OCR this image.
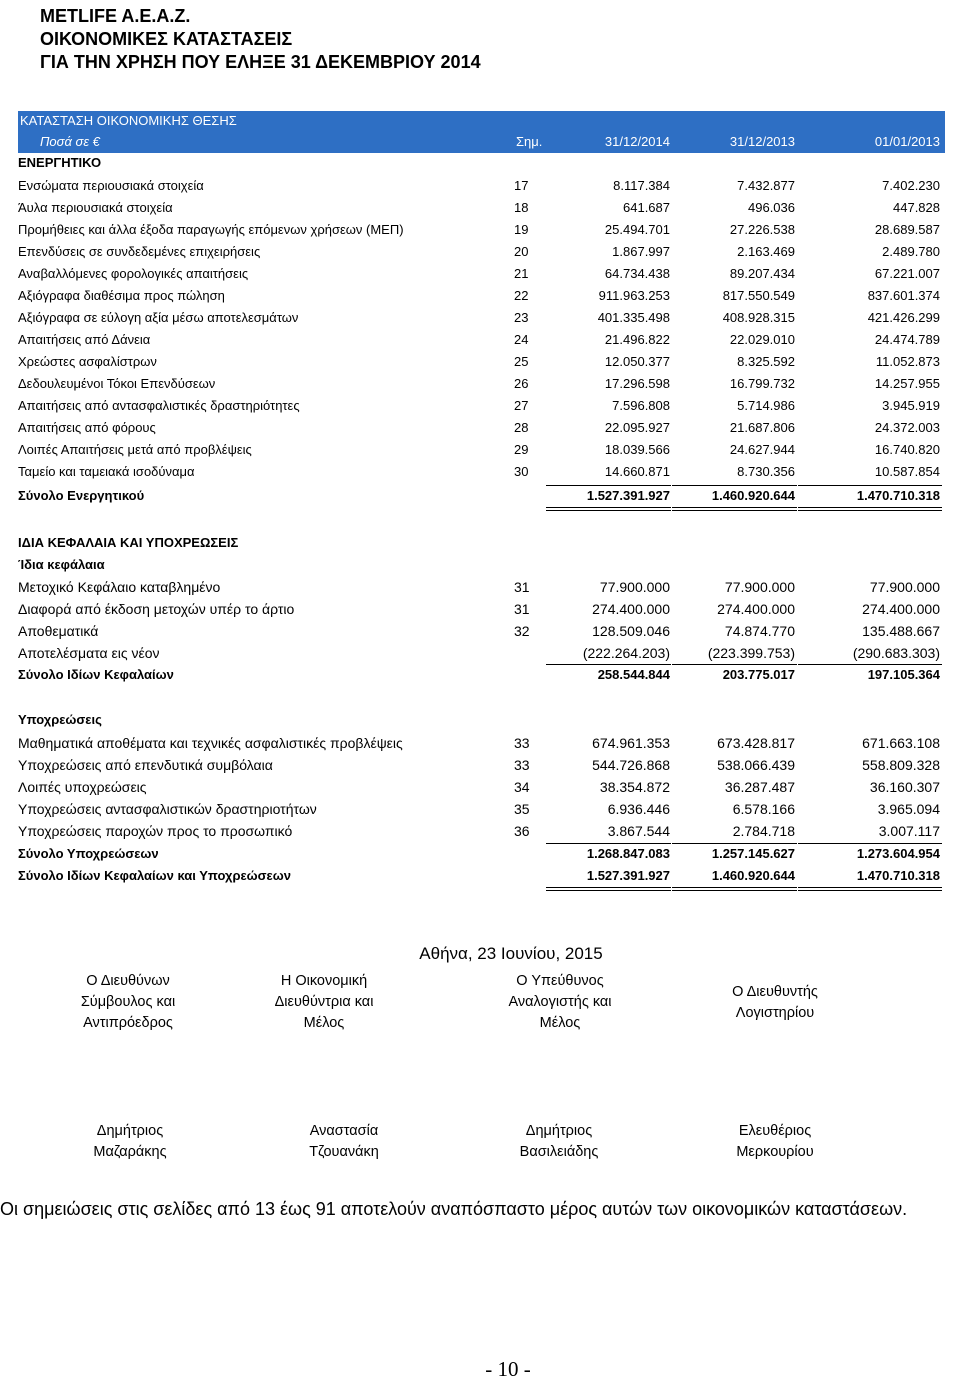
METLIFE A.E.A.Z.
ΟΙΚΟΝΟΜΙΚΕΣ ΚΑΤΑΣΤΑΣΕΙΣ
ΓΙΑ ΤΗΝ ΧΡΗΣΗ ΠΟΥ ΕΛΗΞΕ 31 ΔΕΚΕΜΒΡΙΟΥ 2014
ΚΑΤΑΣΤΑΣΗ ΟΙΚΟΝΟΜΙΚΗΣ ΘΕΣΗΣ
Ποσά σε €	Σημ.	31/12/2014	31/12/2013	01/01/2013
ΕΝΕΡΓΗΤΙΚΟ
Ενσώματα περιουσιακά στοιχεία	17	8.117.384	7.432.877	7.402.230
Άυλα περιουσιακά στοιχεία	18	641.687	496.036	447.828
Προμήθειες και άλλα έξοδα παραγωγής επόμενων χρήσεων (ΜΕΠ)	19	25.494.701	27.226.538	28.689.587
Επενδύσεις σε συνδεδεμένες επιχειρήσεις	20	1.867.997	2.163.469	2.489.780
Αναβαλλόμενες φορολογικές απαιτήσεις	21	64.734.438	89.207.434	67.221.007
Αξιόγραφα διαθέσιμα προς πώληση	22	911.963.253	817.550.549	837.601.374
Αξιόγραφα σε εύλογη αξία μέσω αποτελεσμάτων	23	401.335.498	408.928.315	421.426.299
Απαιτήσεις από Δάνεια	24	21.496.822	22.029.010	24.474.789
Χρεώστες ασφαλίστρων	25	12.050.377	8.325.592	11.052.873
Δεδουλευμένοι Τόκοι Επενδύσεων	26	17.296.598	16.799.732	14.257.955
Απαιτήσεις από αντασφαλιστικές δραστηριότητες	27	7.596.808	5.714.986	3.945.919
Απαιτήσεις από φόρους	28	22.095.927	21.687.806	24.372.003
Λοιπές Απαιτήσεις μετά από προβλέψεις	29	18.039.566	24.627.944	16.740.820
Ταμείο και ταμειακά ισοδύναμα	30	14.660.871	8.730.356	10.587.854
Σύνολο Ενεργητικού	1.527.391.927	1.460.920.644	1.470.710.318
ΙΔΙΑ ΚΕΦΑΛΑΙΑ ΚΑΙ ΥΠΟΧΡΕΩΣΕΙΣ
Ίδια κεφάλαια
Μετοχικό Κεφάλαιο καταβλημένο	31	77.900.000	77.900.000	77.900.000
Διαφορά από έκδοση μετοχών υπέρ το άρτιο	31	274.400.000	274.400.000	274.400.000
Αποθεματικά	32	128.509.046	74.874.770	135.488.667
Αποτελέσματα εις νέον	(222.264.203)	(223.399.753)	(290.683.303)
Σύνολο Ιδίων Κεφαλαίων	258.544.844	203.775.017	197.105.364
Υποχρεώσεις
Μαθηματικά αποθέματα και τεχνικές ασφαλιστικές προβλέψεις	33	674.961.353	673.428.817	671.663.108
Υποχρεώσεις από επενδυτικά συμβόλαια	33	544.726.868	538.066.439	558.809.328
Λοιπές υποχρεώσεις	34	38.354.872	36.287.487	36.160.307
Υποχρεώσεις αντασφαλιστικών δραστηριοτήτων	35	6.936.446	6.578.166	3.965.094
Υποχρεώσεις παροχών προς το προσωπικό	36	3.867.544	2.784.718	3.007.117
Σύνολο Υποχρεώσεων	1.268.847.083	1.257.145.627	1.273.604.954
Σύνολο Ιδίων Κεφαλαίων και Υποχρεώσεων	1.527.391.927	1.460.920.644	1.470.710.318
Αθήνα, 23 Ιουνίου, 2015
Ο Διευθύνων
Σύμβουλος και
Αντιπρόεδρος
Η Οικονομική
Διευθύντρια και
Μέλος
Ο Υπεύθυνος
Αναλογιστής και
Μέλος
Ο Διευθυντής
Λογιστηρίου
Δημήτριος
Μαζαράκης
Αναστασία
Τζουανάκη
Δημήτριος
Βασιλειάδης
Ελευθέριος
Μερκουρίου
Οι σημειώσεις στις σελίδες από 13 έως 91 αποτελούν αναπόσπαστο μέρος αυτών των οικονομικών καταστάσεων.
- 10 -
